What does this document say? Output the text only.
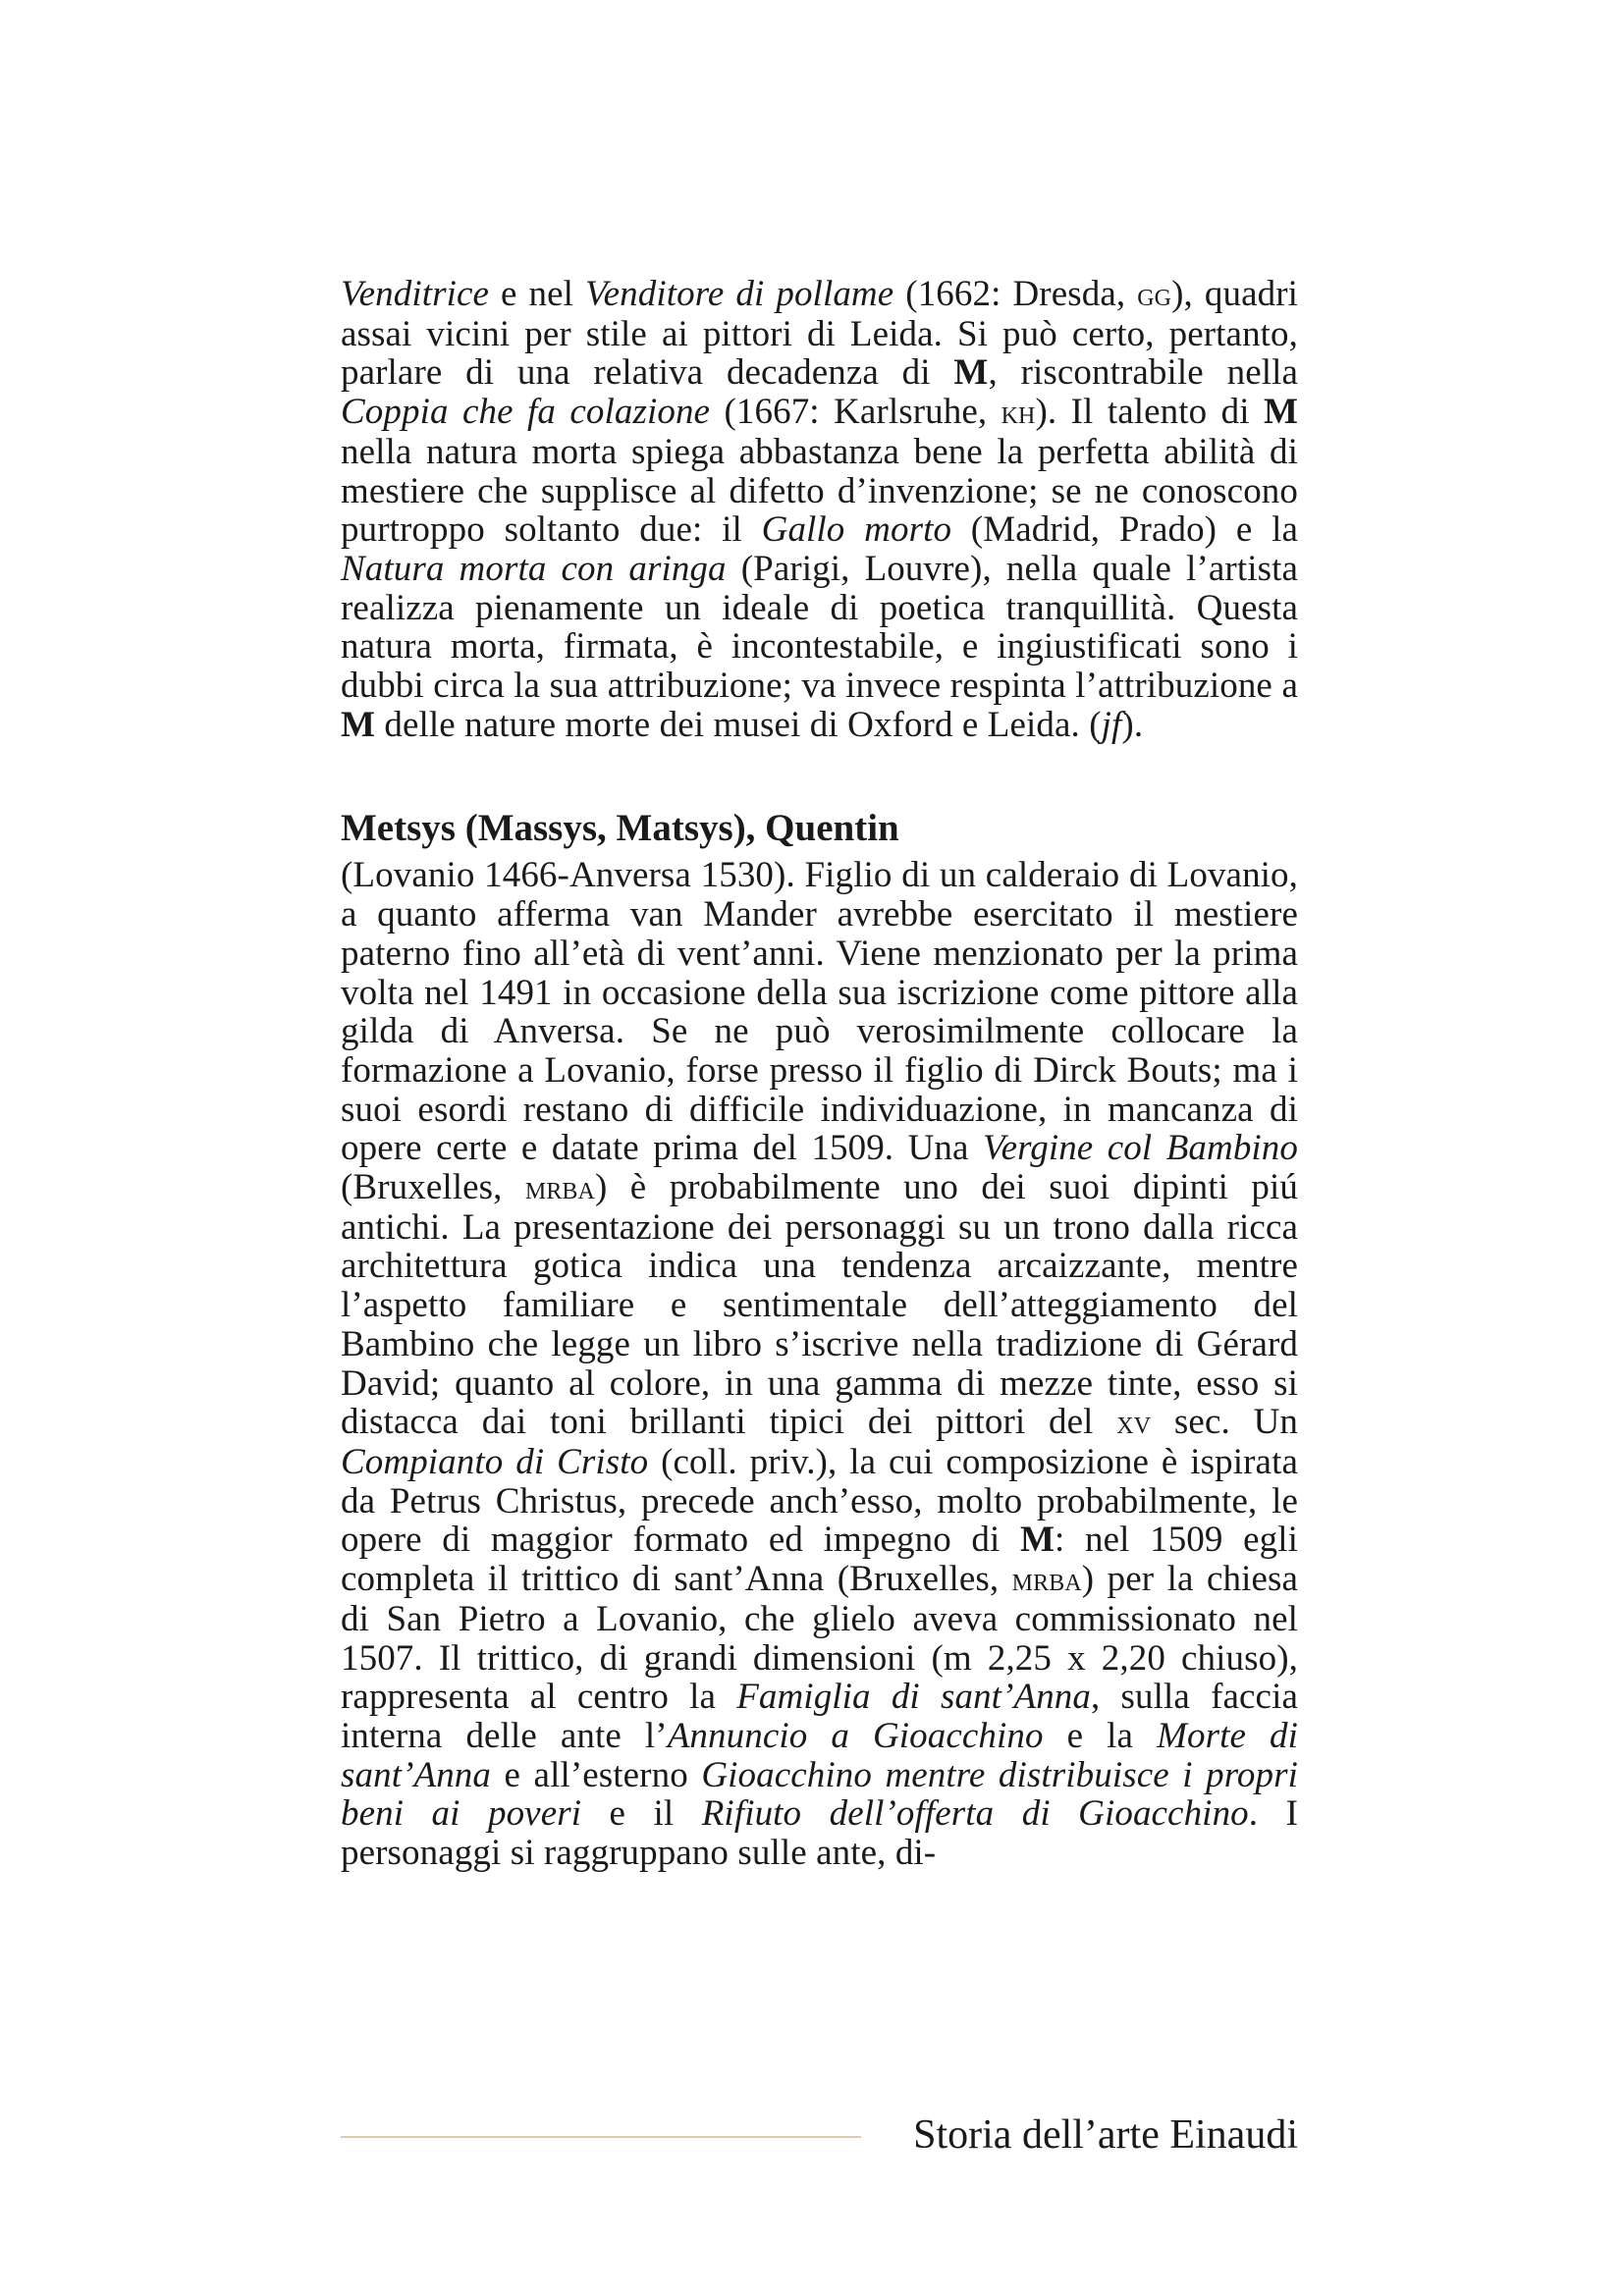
Venditrice e nel Venditore di pollame (1662: Dresda, gg), quadri assai vicini per stile ai pittori di Leida. Si può certo, pertanto, parlare di una relativa decadenza di M, riscontrabile nella Coppia che fa colazione (1667: Karlsruhe, kh). Il talento di M nella natura morta spiega abbastanza bene la perfetta abilità di mestiere che supplisce al difetto d’invenzione; se ne conoscono purtroppo soltanto due: il Gallo morto (Madrid, Prado) e la Natura morta con aringa (Parigi, Louvre), nella quale l’artista realizza pienamente un ideale di poetica tranquillità. Questa natura morta, firmata, è incontestabile, e ingiustificati sono i dubbi circa la sua attribuzione; va invece respinta l’attribuzione a M delle nature morte dei musei di Oxford e Leida. (jf).

Metsys (Massys, Matsys), Quentin

(Lovanio 1466-Anversa 1530). Figlio di un calderaio di Lovanio, a quanto afferma van Mander avrebbe esercitato il mestiere paterno fino all’età di vent’anni. Viene menzionato per la prima volta nel 1491 in occasione della sua iscrizione come pittore alla gilda di Anversa. Se ne può verosimilmente collocare la formazione a Lovanio, forse presso il figlio di Dirck Bouts; ma i suoi esordi restano di difficile individuazione, in mancanza di opere certe e datate prima del 1509. Una Vergine col Bambino (Bruxelles, mrba) è probabilmente uno dei suoi dipinti piú antichi. La presentazione dei personaggi su un trono dalla ricca architettura gotica indica una tendenza arcaizzante, mentre l’aspetto familiare e sentimentale dell’atteggiamento del Bambino che legge un libro s’iscrive nella tradizione di Gérard David; quanto al colore, in una gamma di mezze tinte, esso si distacca dai toni brillanti tipici dei pittori del xv sec. Un Compianto di Cristo (coll. priv.), la cui composizione è ispirata da Petrus Christus, precede anch’esso, molto probabilmente, le opere di maggior formato ed impegno di M: nel 1509 egli completa il trittico di sant’Anna (Bruxelles, mrba) per la chiesa di San Pietro a Lovanio, che glielo aveva commissionato nel 1507. Il trittico, di grandi dimensioni (m 2,25 x 2,20 chiuso), rappresenta al centro la Famiglia di sant’Anna, sulla faccia interna delle ante l’Annuncio a Gioacchino e la Morte di sant’Anna e all’esterno Gioacchino mentre distribuisce i propri beni ai poveri e il Rifiuto dell’offerta di Gioacchino. I personaggi si raggruppano sulle ante, di-

Storia dell’arte Einaudi
